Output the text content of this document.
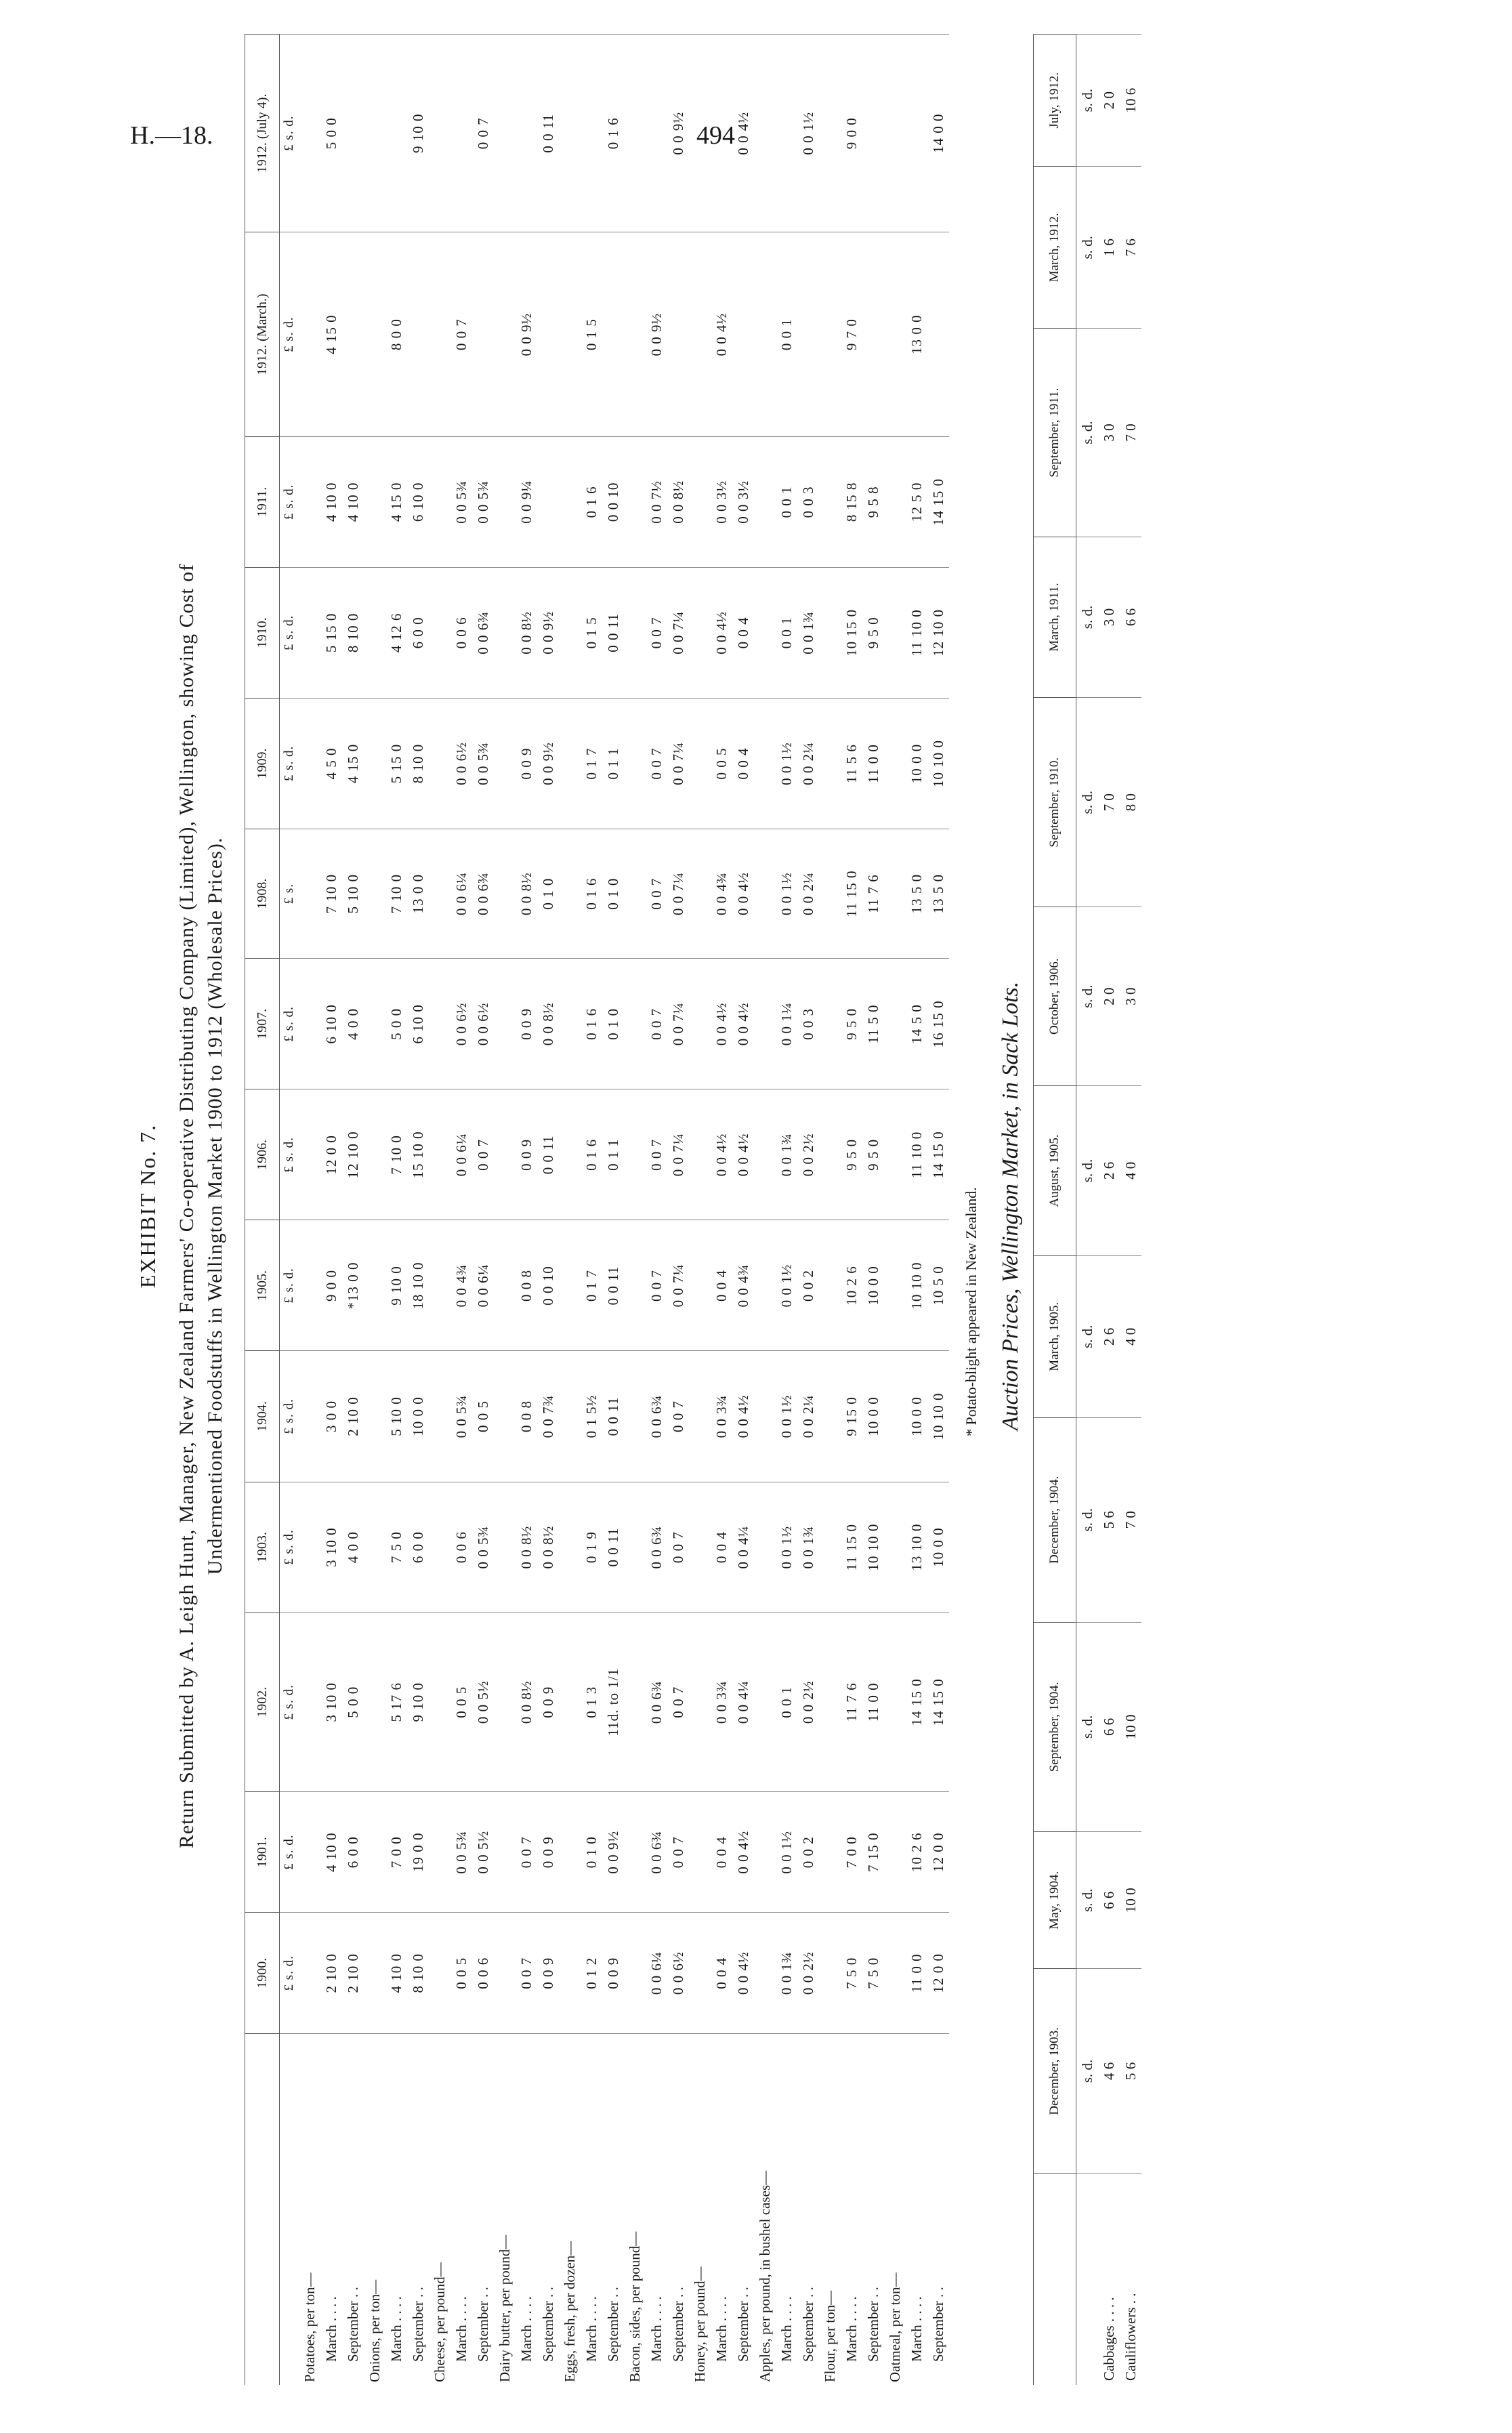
H.—18.	494
EXHIBIT No. 7. Return Submitted by A. Leigh Hunt, Manager, New Zealand Farmers' Co-operative Distributing Company (Limited), Wellington, showing Cost of Undermentioned Foodstuffs in Wellington Market 1900 to 1912 (Wholesale Prices).
	1900.	1901.	1902.	1903.	1904.	1905.	1906.	1907.	1908.	1909.	1910.	1911.	1912. (March.)	1912. (July 4).
	£ s. d.	£ s. d.	£ s. d.	£ s. d.	£ s. d.	£ s. d.	£ s. d.	£ s. d.	£ s.	£ s. d.	£ s. d.	£ s. d.	£ s. d.	£ s. d.
Potatoes, per ton—														
March . . . .	2 10 0	4 10 0	3 10 0	3 10 0	3 0 0	9 0 0	12 0 0	6 10 0	7 10 0	4 5 0	5 15 0	4 10 0	4 15 0	5 0 0
September . .	2 10 0	6 0 0	5 0 0	4 0 0	2 10 0	*13 0 0	12 10 0	4 0 0	5 10 0	4 15 0	8 10 0	4 10 0		
Onions, per ton—														
March . . . .	4 10 0	7 0 0	5 17 6	7 5 0	5 10 0	9 10 0	7 10 0	5 0 0	7 10 0	5 15 0	4 12 6	4 15 0	8 0 0	
September . .	8 10 0	19 0 0	9 10 0	6 0 0	10 0 0	18 10 0	15 10 0	6 10 0	13 0 0	8 10 0	6 0 0	6 10 0		9 10 0
Cheese, per pound—														
March . . . .	0 0 5	0 0 5¾	0 0 5	0 0 6	0 0 5¾	0 0 4¾	0 0 6¼	0 0 6½	0 0 6¼	0 0 6½	0 0 6	0 0 5¾	0 0 7	
September . .	0 0 6	0 0 5½	0 0 5½	0 0 5¾	0 0 5	0 0 6¼	0 0 7	0 0 6½	0 0 6¾	0 0 5¾	0 0 6¾	0 0 5¾		0 0 7
Dairy butter, per pound—														
March . . . .	0 0 7	0 0 7	0 0 8½	0 0 8½	0 0 8	0 0 8	0 0 9	0 0 9	0 0 8½	0 0 9	0 0 8½	0 0 9¼	0 0 9½	
September . .	0 0 9	0 0 9	0 0 9	0 0 8½	0 0 7¾	0 0 10	0 0 11	0 0 8½	0 1 0	0 0 9½	0 0 9½			0 0 11
Eggs, fresh, per dozen—														
March . . . .	0 1 2	0 1 0	0 1 3	0 1 9	0 1 5½	0 1 7	0 1 6	0 1 6	0 1 6	0 1 7	0 1 5	0 1 6	0 1 5	
September . .	0 0 9	0 0 9½	11d. to 1/1	0 0 11	0 0 11	0 0 11	0 1 1	0 1 0	0 1 0	0 1 1	0 0 11	0 0 10		0 1 6
Bacon, sides, per pound—														
March . . . .	0 0 6¼	0 0 6¾	0 0 6¾	0 0 6¾	0 0 6¾	0 0 7	0 0 7	0 0 7	0 0 7	0 0 7	0 0 7	0 0 7½	0 0 9½	
September . .	0 0 6½	0 0 7	0 0 7	0 0 7	0 0 7	0 0 7¼	0 0 7¼	0 0 7¼	0 0 7¼	0 0 7¼	0 0 7¼	0 0 8½		0 0 9½
Honey, per pound—														
March . . . .	0 0 4	0 0 4	0 0 3¾	0 0 4	0 0 3¾	0 0 4	0 0 4½	0 0 4½	0 0 4¾	0 0 5	0 0 4½	0 0 3½	0 0 4½	
September . .	0 0 4½	0 0 4½	0 0 4¼	0 0 4¼	0 0 4½	0 0 4¾	0 0 4½	0 0 4½	0 0 4½	0 0 4	0 0 4	0 0 3½		0 0 4½
Apples, per pound, in bushel cases—														
March . . . .	0 0 1¾	0 0 1½	0 0 1	0 0 1½	0 0 1½	0 0 1½	0 0 1¾	0 0 1¼	0 0 1½	0 0 1½	0 0 1	0 0 1	0 0 1	
September . .	0 0 2½	0 0 2	0 0 2½	0 0 1¾	0 0 2¼	0 0 2	0 0 2½	0 0 3	0 0 2¼	0 0 2¼	0 0 1¾	0 0 3		0 0 1½
Flour, per ton—														
March . . . .	7 5 0	7 0 0	11 7 6	11 15 0	9 15 0	10 2 6	9 5 0	9 5 0	11 15 0	11 5 6	10 15 0	8 15 8	9 7 0	9 0 0
September . .	7 5 0	7 15 0	11 0 0	10 10 0	10 0 0	10 0 0	9 5 0	11 5 0	11 7 6	11 0 0	9 5 0	9 5 8		
Oatmeal, per ton—														
March . . . .	11 0 0	10 2 6	14 15 0	13 10 0	10 0 0	10 10 0	11 10 0	14 5 0	13 5 0	10 0 0	11 10 0	12 5 0	13 0 0	
September . .	12 0 0	12 0 0	14 15 0	10 0 0	10 10 0	10 5 0	14 15 0	16 15 0	13 5 0	10 10 0	12 10 0	14 15 0		14 0 0
* Potato-blight appeared in New Zealand. Auction Prices, Wellington Market, in Sack Lots.
	December, 1903.	May, 1904.	September, 1904.	December, 1904.	March, 1905.	August, 1905.	October, 1906.	September, 1910.	March, 1911.	September, 1911.	March, 1912.	July, 1912.
	s. d.	s. d.	s. d.	s. d.	s. d.	s. d.	s. d.	s. d.	s. d.	s. d.	s. d.	s. d.
Cabbages . . . .	4 6	6 6	6 6	5 6	2 6	2 6	2 0	7 0	3 0	3 0	1 6	2 0
Cauliflowers . .	5 6	10 0	10 0	7 0	4 0	4 0	3 0	8 0	6 6	7 0	7 6	10 6
